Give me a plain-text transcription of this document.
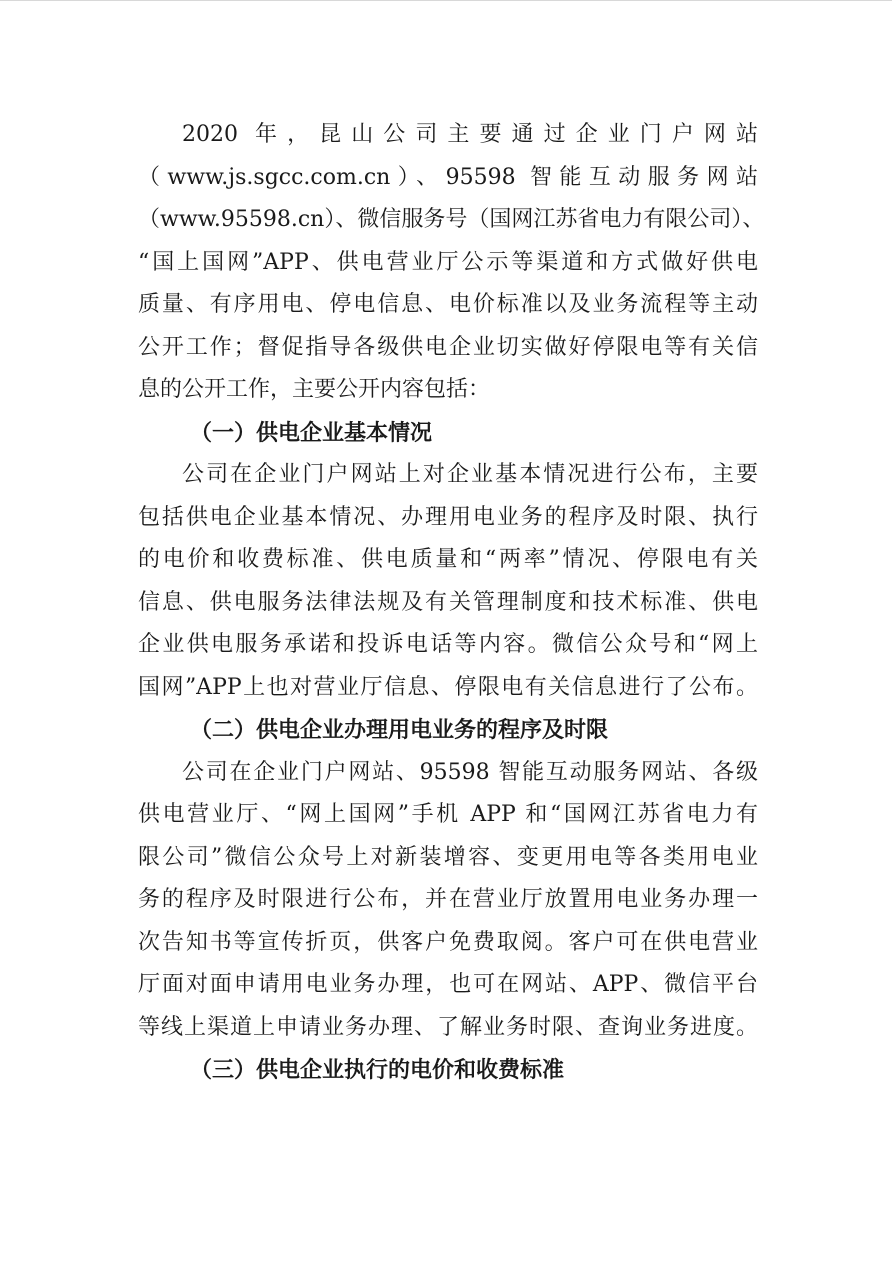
2020 年，昆山公司主要通过企业门户网站
（www.js.sgcc.com.cn）、95598 智能互动服务网站
（www.95598.cn）、微信服务号（国网江苏省电力有限公司）、
“国上国网”APP、供电营业厅公示等渠道和方式做好供电
质量、有序用电、停电信息、电价标准以及业务流程等主动
公开工作；督促指导各级供电企业切实做好停限电等有关信
息的公开工作，主要公开内容包括：
（一）供电企业基本情况
公司在企业门户网站上对企业基本情况进行公布，主要
包括供电企业基本情况、办理用电业务的程序及时限、执行
的电价和收费标准、供电质量和“两率”情况、停限电有关
信息、供电服务法律法规及有关管理制度和技术标准、供电
企业供电服务承诺和投诉电话等内容。微信公众号和“网上
国网”APP上也对营业厅信息、停限电有关信息进行了公布。
（二）供电企业办理用电业务的程序及时限
公司在企业门户网站、95598 智能互动服务网站、各级
供电营业厅、“网上国网”手机 APP 和“国网江苏省电力有
限公司”微信公众号上对新装增容、变更用电等各类用电业
务的程序及时限进行公布，并在营业厅放置用电业务办理一
次告知书等宣传折页，供客户免费取阅。客户可在供电营业
厅面对面申请用电业务办理，也可在网站、APP、微信平台
等线上渠道上申请业务办理、了解业务时限、查询业务进度。
（三）供电企业执行的电价和收费标准
